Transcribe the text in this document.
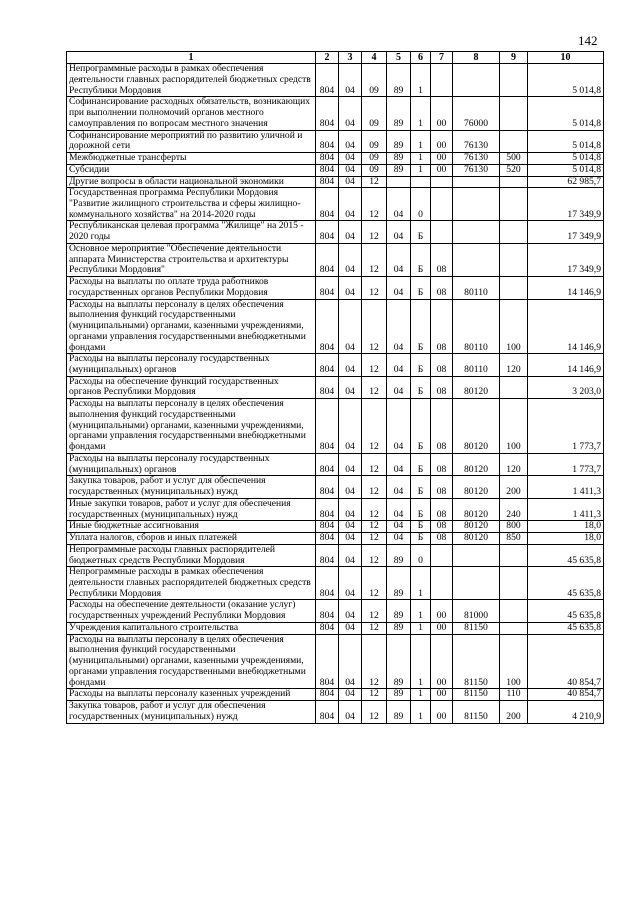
142
1	2	3	4	5	6	7	8	9	10
Непрограммные расходы в рамках обеспечения деятельности главных распорядителей бюджетных средств Республики Мордовия	804	04	09	89	1				5 014,8
Софинансирование расходных обязательств, возникающих при выполнении полномочий органов местного самоуправления по вопросам местного значения	804	04	09	89	1	00	76000		5 014,8
Софинансирование мероприятий по развитию уличной и дорожной сети	804	04	09	89	1	00	76130		5 014,8
Межбюджетные трансферты	804	04	09	89	1	00	76130	500	5 014,8
Субсидии	804	04	09	89	1	00	76130	520	5 014,8
Другие вопросы в области национальной экономики	804	04	12						62 985,7
Государственная программа Республики Мордовия "Развитие жилищного строительства и сферы жилищно-коммунального хозяйства" на 2014-2020 годы	804	04	12	04	0				17 349,9
Республиканская целевая программа "Жилище" на 2015 - 2020 годы	804	04	12	04	Б				17 349,9
Основное мероприятие "Обеспечение деятельности аппарата Министерства строительства и архитектуры Республики Мордовия"	804	04	12	04	Б	08			17 349,9
Расходы на выплаты по оплате труда работников государственных органов Республики Мордовия	804	04	12	04	Б	08	80110		14 146,9
Расходы на выплаты персоналу в целях обеспечения выполнения функций государственными (муниципальными) органами, казенными учреждениями, органами управления государственными внебюджетными фондами	804	04	12	04	Б	08	80110	100	14 146,9
Расходы на выплаты персоналу государственных (муниципальных) органов	804	04	12	04	Б	08	80110	120	14 146,9
Расходы на обеспечение функций государственных органов Республики Мордовия	804	04	12	04	Б	08	80120		3 203,0
Расходы на выплаты персоналу в целях обеспечения выполнения функций государственными (муниципальными) органами, казенными учреждениями, органами управления государственными внебюджетными фондами	804	04	12	04	Б	08	80120	100	1 773,7
Расходы на выплаты персоналу государственных (муниципальных) органов	804	04	12	04	Б	08	80120	120	1 773,7
Закупка товаров, работ и услуг для обеспечения государственных (муниципальных) нужд	804	04	12	04	Б	08	80120	200	1 411,3
Иные закупки товаров, работ и услуг для обеспечения государственных (муниципальных) нужд	804	04	12	04	Б	08	80120	240	1 411,3
Иные бюджетные ассигнования	804	04	12	04	Б	08	80120	800	18,0
Уплата налогов, сборов и иных платежей	804	04	12	04	Б	08	80120	850	18,0
Непрограммные расходы главных распорядителей бюджетных средств Республики Мордовия	804	04	12	89	0				45 635,8
Непрограммные расходы в рамках обеспечения деятельности главных распорядителей бюджетных средств Республики Мордовия	804	04	12	89	1				45 635,8
Расходы на обеспечение деятельности (оказание услуг) государственных учреждений Республики Мордовия	804	04	12	89	1	00	81000		45 635,8
Учреждения капитального строительства	804	04	12	89	1	00	81150		45 635,8
Расходы на выплаты персоналу в целях обеспечения выполнения функций государственными (муниципальными) органами, казенными учреждениями, органами управления государственными внебюджетными фондами	804	04	12	89	1	00	81150	100	40 854,7
Расходы на выплаты персоналу казенных учреждений	804	04	12	89	1	00	81150	110	40 854,7
Закупка товаров, работ и услуг для обеспечения государственных (муниципальных) нужд	804	04	12	89	1	00	81150	200	4 210,9
